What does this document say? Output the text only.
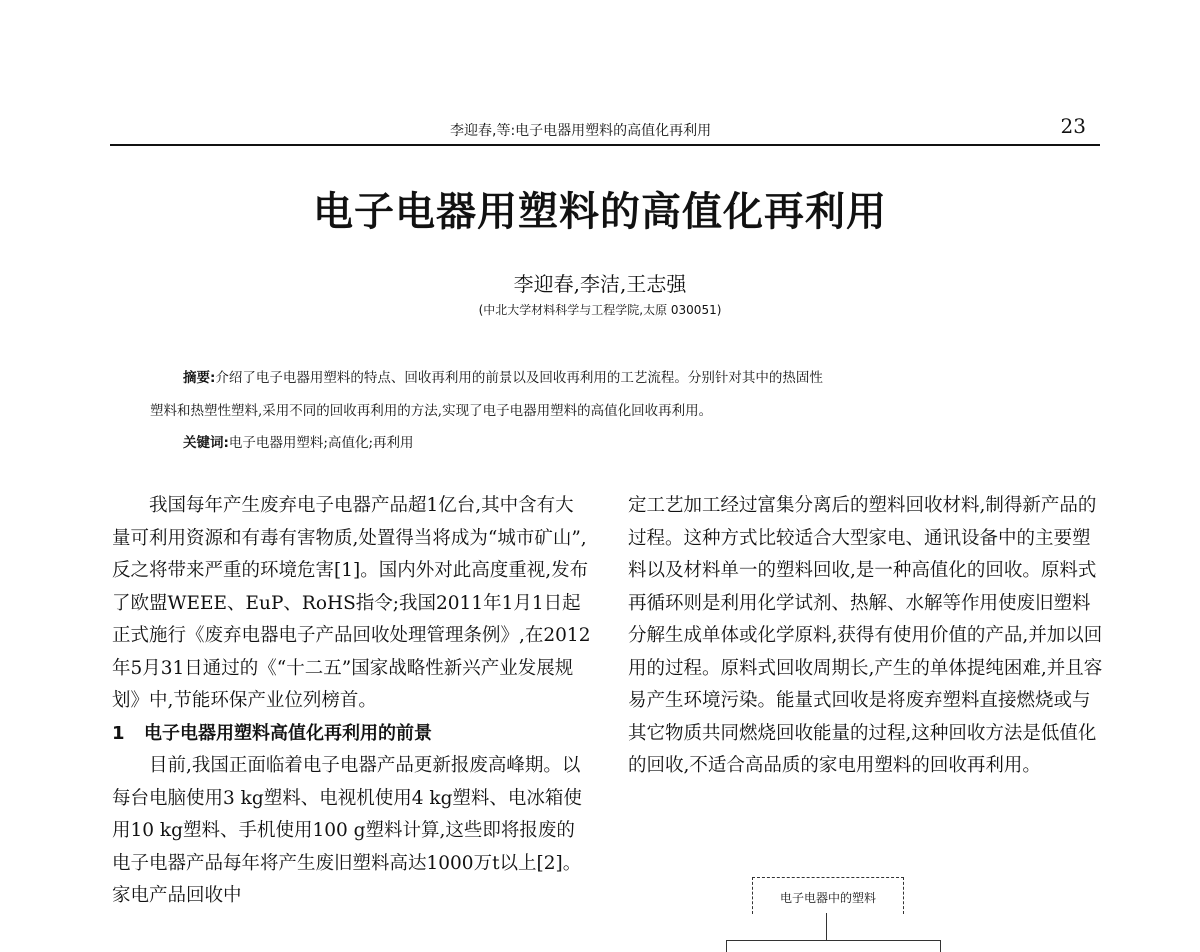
李迎春,等:电子电器用塑料的高值化再利用	23
电子电器用塑料的高值化再利用
李迎春,李洁,王志强
(中北大学材料科学与工程学院,太原 030051)
摘要:介绍了电子电器用塑料的特点、回收再利用的前景以及回收再利用的工艺流程。分别针对其中的热固性
塑料和热塑性塑料,采用不同的回收再利用的方法,实现了电子电器用塑料的高值化回收再利用。
关键词:电子电器用塑料;高值化;再利用

我国每年产生废弃电子电器产品超1亿台,其中含有大量可利用资源和有毒有害物质,处置得当将成为“城市矿山”,反之将带来严重的环境危害[1]。国内外对此高度重视,发布了欧盟WEEE、EuP、RoHS指令;我国2011年1月1日起正式施行《废弃电器电子产品回收处理管理条例》,在2012年5月31日通过的《“十二五”国家战略性新兴产业发展规划》中,节能环保产业位列榜首。

1 电子电器用塑料高值化再利用的前景

目前,我国正面临着电子电器产品更新报废高峰期。以每台电脑使用3 kg塑料、电视机使用4 kg塑料、电冰箱使用10 kg塑料、手机使用100 g塑料计算,这些即将报废的电子电器产品每年将产生废旧塑料高达1000万t以上[2]。家电产品回收中

定工艺加工经过富集分离后的塑料回收材料,制得新产品的过程。这种方式比较适合大型家电、通讯设备中的主要塑料以及材料单一的塑料回收,是一种高值化的回收。原料式再循环则是利用化学试剂、热解、水解等作用使废旧塑料分解生成单体或化学原料,获得有使用价值的产品,并加以回用的过程。原料式回收周期长,产生的单体提纯困难,并且容易产生环境污染。能量式回收是将废弃塑料直接燃烧或与其它物质共同燃烧回收能量的过程,这种回收方法是低值化的回收,不适合高品质的家电用塑料的回收再利用。

电子电器中的塑料
